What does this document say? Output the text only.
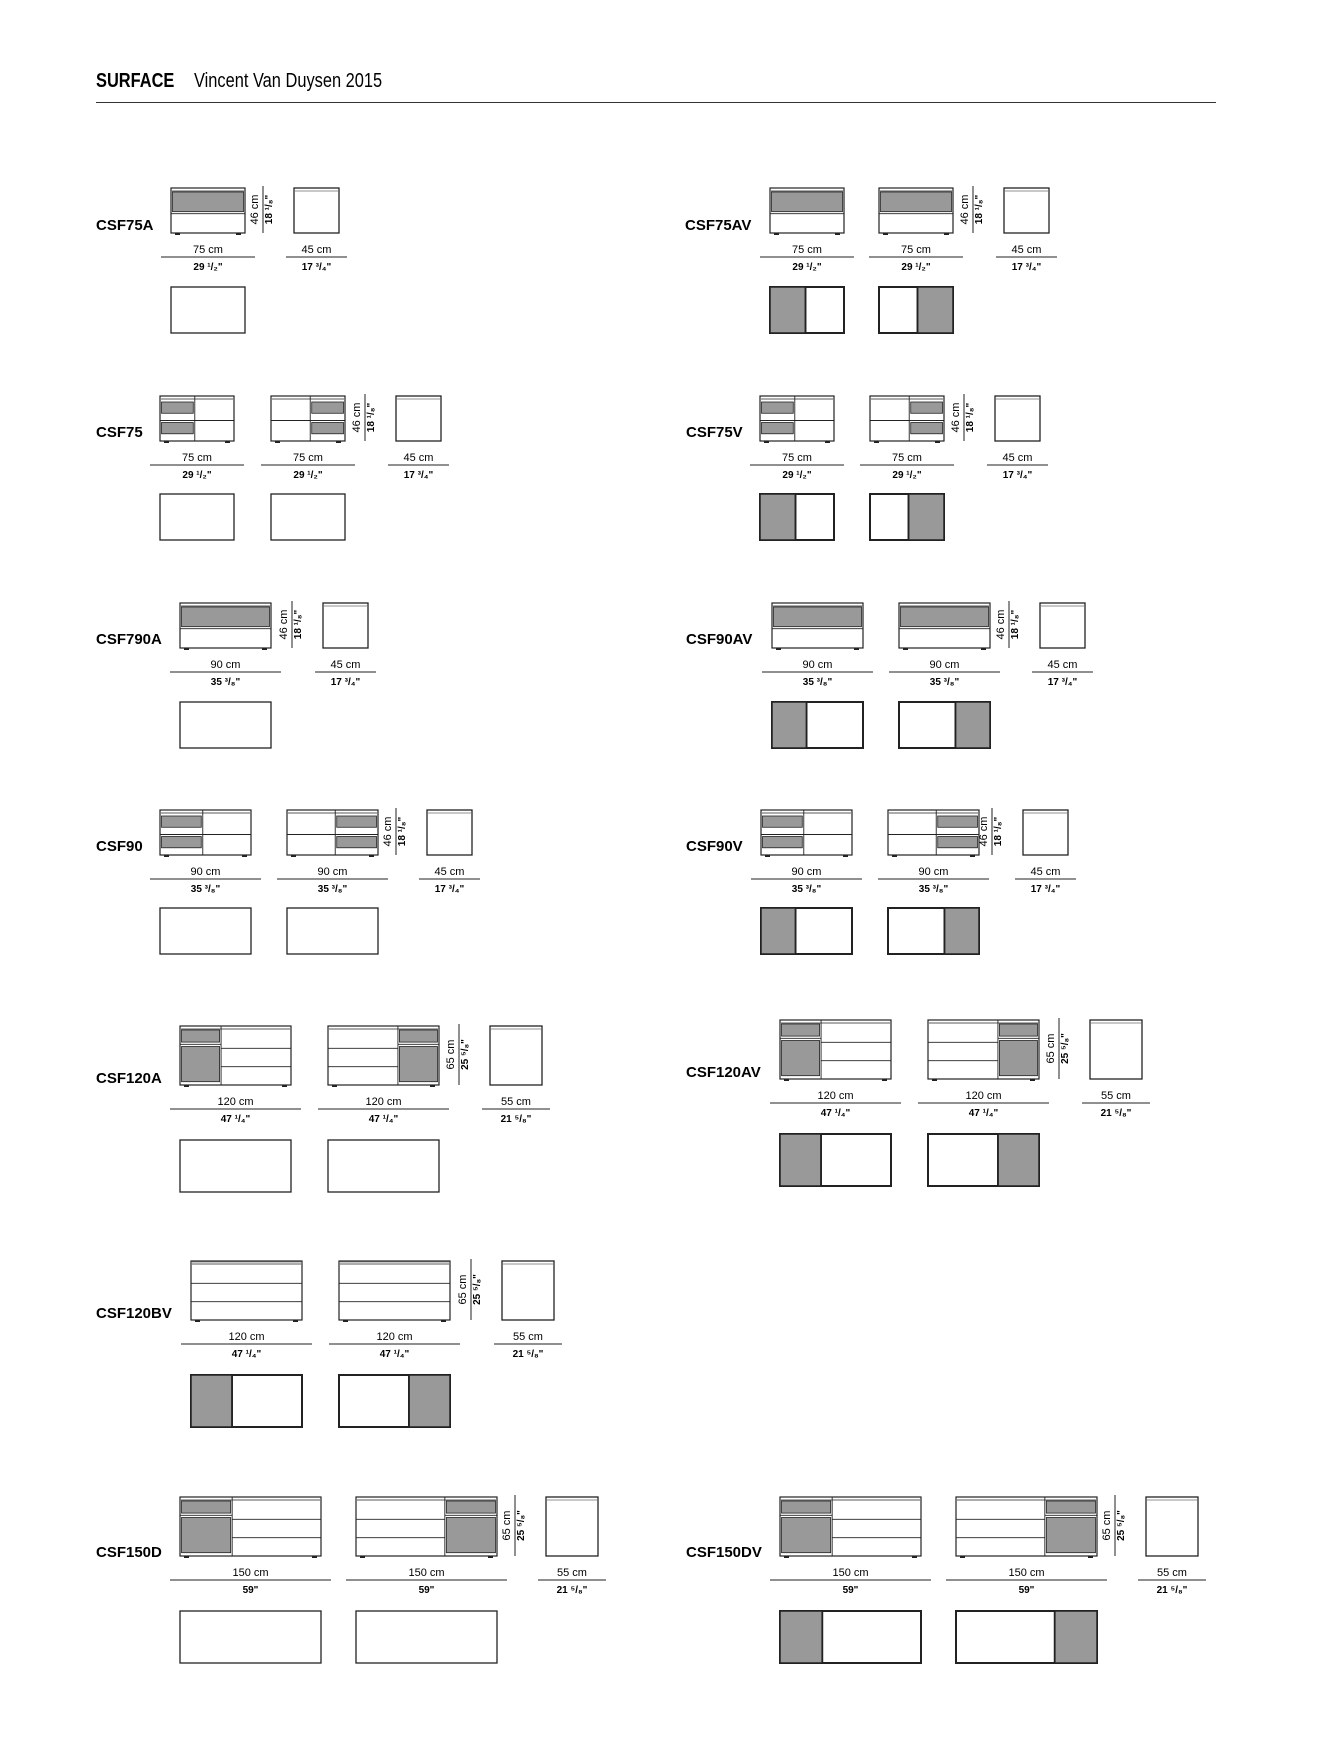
SURFACE Vincent Van Duysen 2015
CSF75A
75 cm
29 ¹/₂"
46 cm 18 ¹/₈"
45 cm
17 ³/₄"
CSF75AV
75 cm
29 ¹/₂"
75 cm
29 ¹/₂"
46 cm 18 ¹/₈"
45 cm
17 ³/₄"
CSF75
75 cm
29 ¹/₂"
75 cm
29 ¹/₂"
46 cm 18 ¹/₈"
45 cm
17 ³/₄"
CSF75V
75 cm
29 ¹/₂"
75 cm
29 ¹/₂"
46 cm 18 ¹/₈"
45 cm
17 ³/₄"
CSF790A
90 cm
35 ³/₈"
46 cm 18 ¹/₈"
45 cm
17 ³/₄"
CSF90AV
90 cm
35 ³/₈"
90 cm
35 ³/₈"
46 cm 18 ¹/₈"
45 cm
17 ³/₄"
CSF90
90 cm
35 ³/₈"
90 cm
35 ³/₈"
46 cm 18 ¹/₈"
45 cm
17 ³/₄"
CSF90V
90 cm
35 ³/₈"
90 cm
35 ³/₈"
46 cm 18 ¹/₈"
45 cm
17 ³/₄"
CSF120A
120 cm
47 ¹/₄"
120 cm
47 ¹/₄"
65 cm 25 ⁵/₈"
55 cm
21 ⁵/₈"
CSF120AV
120 cm
47 ¹/₄"
120 cm
47 ¹/₄"
65 cm 25 ⁵/₈"
55 cm
21 ⁵/₈"
CSF120BV
120 cm
47 ¹/₄"
120 cm
47 ¹/₄"
65 cm 25 ⁵/₈"
55 cm
21 ⁵/₈"
CSF150D
150 cm
59"
150 cm
59"
65 cm 25 ⁵/₈"
55 cm
21 ⁵/₈"
CSF150DV
150 cm
59"
150 cm
59"
65 cm 25 ⁵/₈"
55 cm
21 ⁵/₈"
